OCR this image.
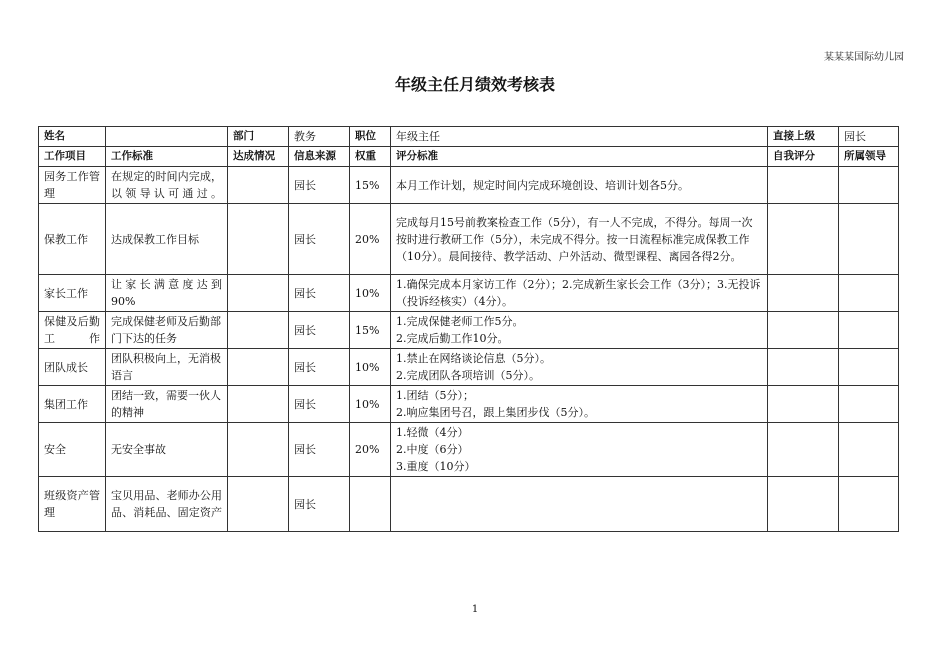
某某某国际幼儿园
年级主任月绩效考核表
姓名		部门	教务	职位	年级主任	直接上级	园长
工作项目	工作标准	达成情况	信息来源	权重	评分标准	自我评分	所属领导
园务工作管理	在规定的时间内完成，以领导认可通过。		园长	15%	本月工作计划，规定时间内完成环境创设、培训计划各5分。		

保教工作	达成保教工作目标		园长	20%	完成每月15号前教案检查工作（5分），有一人不完成，不得分。每周一次按时进行教研工作（5分），未完成不得分。按一日流程标准完成保教工作（10分）。晨间接待、教学活动、户外活动、微型课程、离园各得2分。		

家长工作	让家长满意度达到90%		园长	10%	1.确保完成本月家访工作（2分）；2.完成新生家长会工作（3分）；3.无投诉（投诉经核实）（4分）。		

保健及后勤工作	完成保健老师及后勤部门下达的任务		园长	15%	1.完成保健老师工作5分。
2.完成后勤工作10分。		

团队成长	团队积极向上，无消极语言		园长	10%	1.禁止在网络谈论信息（5分）。
2.完成团队各项培训（5分）。		

集团工作	团结一致，需要一伙人的精神		园长	10%	1.团结（5分）；
2.响应集团号召，跟上集团步伐（5分）。		

安全	无安全事故		园长	20%	1.轻微（4分）
2.中度（6分）
3.重度（10分）		

班级资产管理	宝贝用品、老师办公用品、消耗品、固定资产		园长		

1
